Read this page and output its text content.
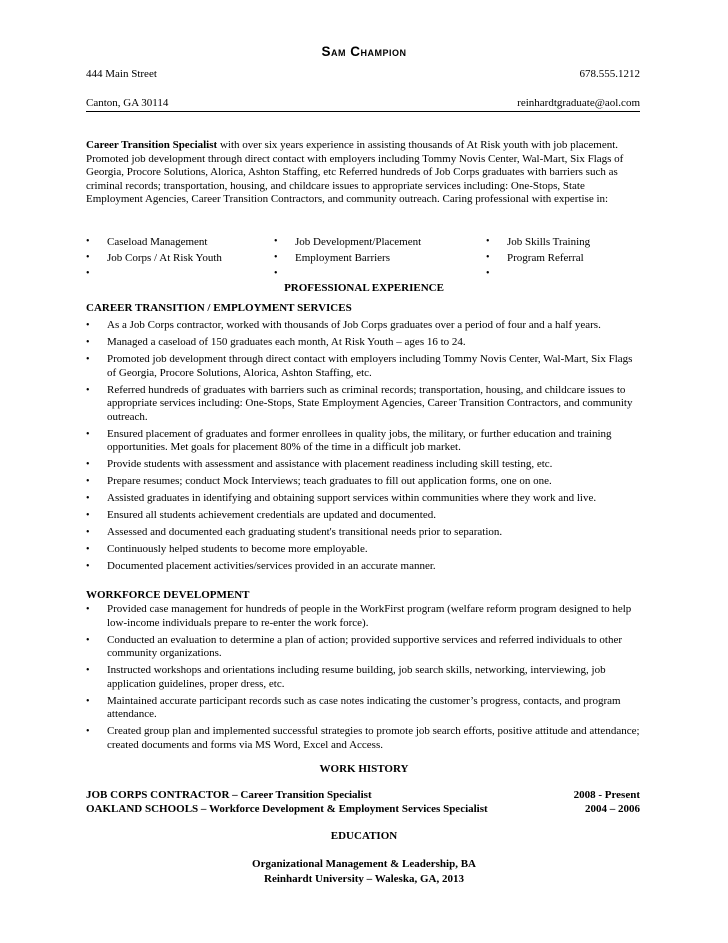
Sam Champion
444 Main Street	678.555.1212
Canton, GA 30114	reinhardtgraduate@aol.com
Career Transition Specialist with over six years experience in assisting thousands of At Risk youth with job placement. Promoted job development through direct contact with employers including Tommy Novis Center, Wal-Mart, Six Flags of Georgia, Procore Solutions, Alorica, Ashton Staffing, etc Referred hundreds of Job Corps graduates with barriers such as criminal records; transportation, housing, and childcare issues to appropriate services including: One-Stops, State Employment Agencies, Career Transition Contractors, and community outreach. Caring professional with expertise in:
• Caseload Management	• Job Development/Placement	• Job Skills Training
• Job Corps / At Risk Youth	• Employment Barriers	• Program Referral
•	•	•
PROFESSIONAL EXPERIENCE
CAREER TRANSITION / EMPLOYMENT SERVICES
• As a Job Corps contractor, worked with thousands of Job Corps graduates over a period of four and a half years.
• Managed a caseload of 150 graduates each month, At Risk Youth – ages 16 to 24.
• Promoted job development through direct contact with employers including Tommy Novis Center, Wal-Mart, Six Flags of Georgia, Procore Solutions, Alorica, Ashton Staffing, etc.
• Referred hundreds of graduates with barriers such as criminal records; transportation, housing, and childcare issues to appropriate services including: One-Stops, State Employment Agencies, Career Transition Contractors, and community outreach.
• Ensured placement of graduates and former enrollees in quality jobs, the military, or further education and training opportunities. Met goals for placement 80% of the time in a difficult job market.
• Provide students with assessment and assistance with placement readiness including skill testing, etc.
• Prepare resumes; conduct Mock Interviews; teach graduates to fill out application forms, one on one.
• Assisted graduates in identifying and obtaining support services within communities where they work and live.
• Ensured all students achievement credentials are updated and documented.
• Assessed and documented each graduating student's transitional needs prior to separation.
• Continuously helped students to become more employable.
• Documented placement activities/services provided in an accurate manner.
WORKFORCE DEVELOPMENT
• Provided case management for hundreds of people in the WorkFirst program (welfare reform program designed to help low-income individuals prepare to re-enter the work force).
• Conducted an evaluation to determine a plan of action; provided supportive services and referred individuals to other community organizations.
• Instructed workshops and orientations including resume building, job search skills, networking, interviewing, job application guidelines, proper dress, etc.
• Maintained accurate participant records such as case notes indicating the customer’s progress, contacts, and program attendance.
• Created group plan and implemented successful strategies to promote job search efforts, positive attitude and attendance; created documents and forms via MS Word, Excel and Access.
WORK HISTORY
JOB CORPS CONTRACTOR – Career Transition Specialist	2008 - Present
OAKLAND SCHOOLS – Workforce Development & Employment Services Specialist	2004 – 2006
EDUCATION
Organizational Management & Leadership, BA
Reinhardt University – Waleska, GA, 2013
